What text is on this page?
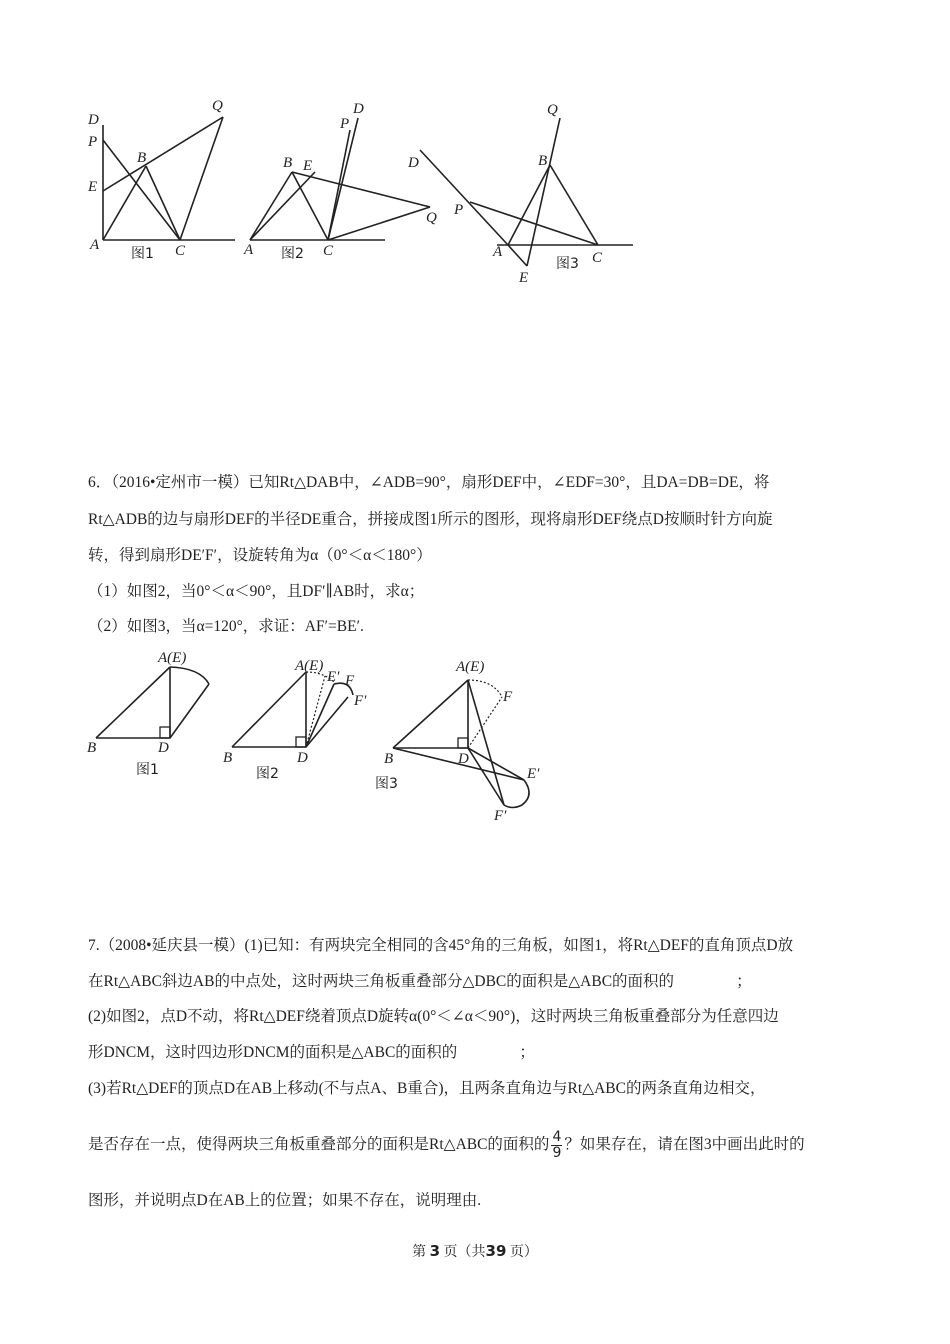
D
P
E
A
B
C
Q
图1	A
B E
C
D
P
Q
图2
Q
B
D
P
A
E
C
图3
6．（2016•定州市一模）已知Rt△DAB中，∠ADB=90°，扇形DEF中，∠EDF=30°，且DA=DB=DE，将
Rt△ADB的边与扇形DEF的半径DE重合，拼接成图1所示的图形，现将扇形DEF绕点D按顺时针方向旋
转，得到扇形DE′F′，设旋转角为α（0°＜α＜180°）
（1）如图2，当0°＜α＜90°，且DF′∥AB时，求α；
（2）如图3，当α=120°，求证：AF′=BE′.
A(E)
B	D
图1
A(E)
E′ F
F′
B	D
图2
A(E)
F
B	D
E′
F′
图3
7.（2008•延庆县一模）(1)已知：有两块完全相同的含45°角的三角板，如图1，将Rt△DEF的直角顶点D放
在Rt△ABC斜边AB的中点处，这时两块三角板重叠部分△DBC的面积是△ABC的面积的	；
(2)如图2，点D不动，将Rt△DEF绕着顶点D旋转α(0°＜∠α＜90°)，这时两块三角板重叠部分为任意四边
形DNCM，这时四边形DNCM的面积是△ABC的面积的	；
(3)若Rt△DEF的顶点D在AB上移动(不与点A、B重合)，且两条直角边与Rt△ABC的两条直角边相交，
是否存在一点，使得两块三角板重叠部分的面积是Rt△ABC的面积的 $\frac{4}{9}$ ？如果存在，请在图3中画出此时的
图形，并说明点D在AB上的位置；如果不存在，说明理由.
第 3 页（共39 页）
